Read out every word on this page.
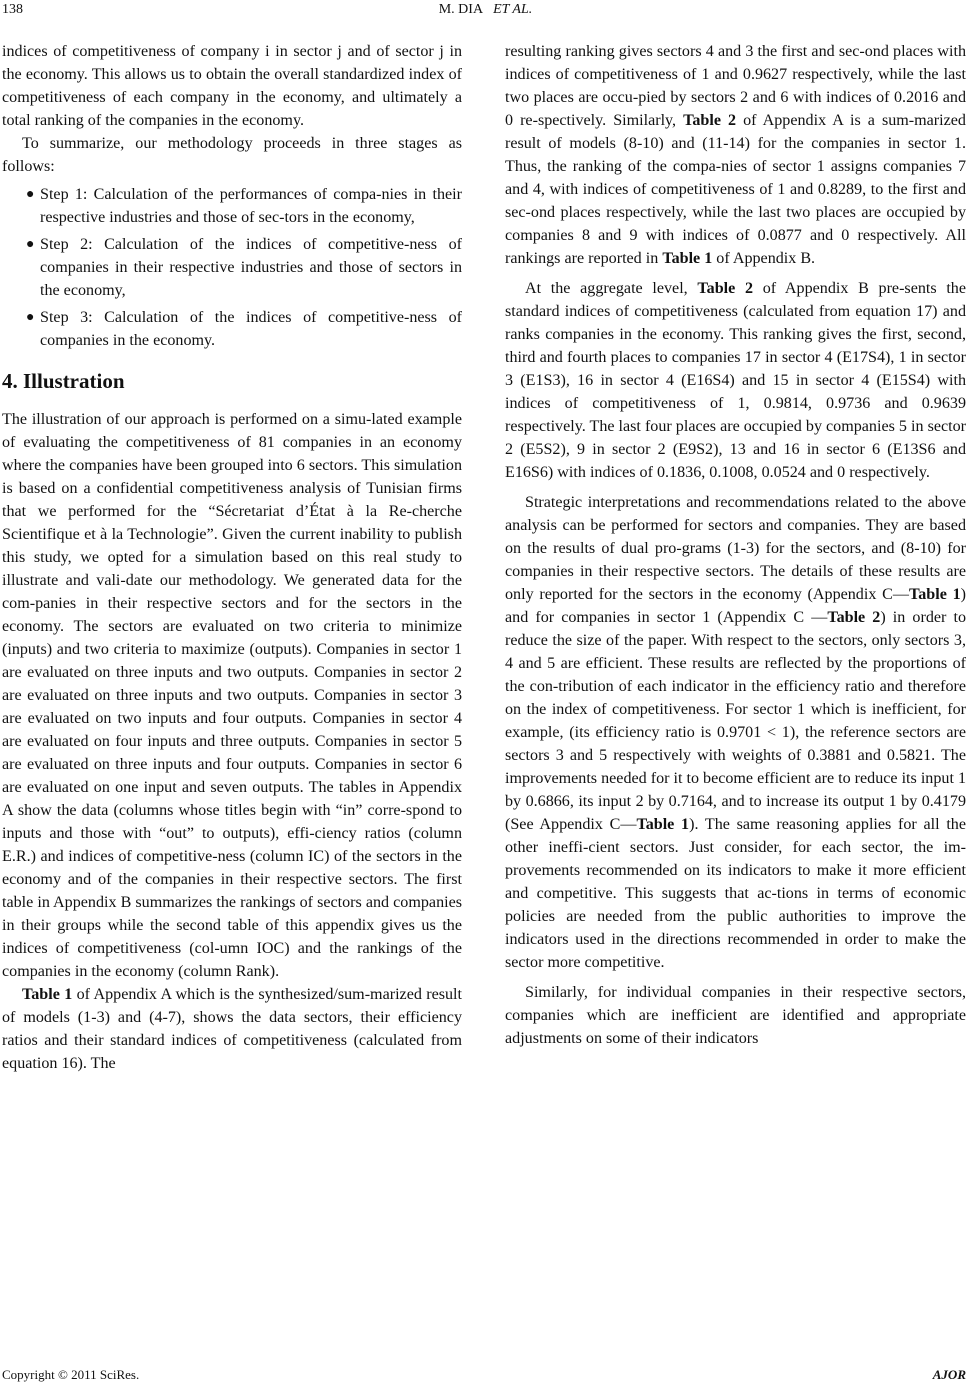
138	M. DIA ET AL.

indices of competitiveness of company i in sector j and of sector j in the economy. This allows us to obtain the overall standardized index of competitiveness of each company in the economy, and ultimately a total ranking of the companies in the economy.

To summarize, our methodology proceeds in three stages as follows:

● Step 1: Calculation of the performances of compa-nies in their respective industries and those of sec-tors in the economy,
● Step 2: Calculation of the indices of competitive-ness of companies in their respective industries and those of sectors in the economy,
● Step 3: Calculation of the indices of competitive-ness of companies in the economy.
4. Illustration

The illustration of our approach is performed on a simu-lated example of evaluating the competitiveness of 81 companies in an economy where the companies have been grouped into 6 sectors. This simulation is based on a confidential competitiveness analysis of Tunisian firms that we performed for the “Sécretariat d’État à la Re-cherche Scientifique et à la Technologie”. Given the current inability to publish this study, we opted for a simulation based on this real study to illustrate and vali-date our methodology. We generated data for the com-panies in their respective sectors and for the sectors in the economy. The sectors are evaluated on two criteria to minimize (inputs) and two criteria to maximize (outputs). Companies in sector 1 are evaluated on three inputs and two outputs. Companies in sector 2 are evaluated on three inputs and two outputs. Companies in sector 3 are evaluated on two inputs and four outputs. Companies in sector 4 are evaluated on four inputs and three outputs. Companies in sector 5 are evaluated on three inputs and four outputs. Companies in sector 6 are evaluated on one input and seven outputs. The tables in Appendix A show the data (columns whose titles begin with “in” corre-spond to inputs and those with “out” to outputs), effi-ciency ratios (column E.R.) and indices of competitive-ness (column IC) of the sectors in the economy and of the companies in their respective sectors. The first table in Appendix B summarizes the rankings of sectors and companies in their groups while the second table of this appendix gives us the indices of competitiveness (col-umn IOC) and the rankings of the companies in the economy (column Rank).

Table 1 of Appendix A which is the synthesized/sum-marized result of models (1-3) and (4-7), shows the data sectors, their efficiency ratios and their standard indices of competitiveness (calculated from equation 16). The

resulting ranking gives sectors 4 and 3 the first and sec-ond places with indices of competitiveness of 1 and 0.9627 respectively, while the last two places are occu-pied by sectors 2 and 6 with indices of 0.2016 and 0 re-spectively. Similarly, Table 2 of Appendix A is a sum-marized result of models (8-10) and (11-14) for the companies in sector 1. Thus, the ranking of the compa-nies of sector 1 assigns companies 7 and 4, with indices of competitiveness of 1 and 0.8289, to the first and sec-ond places respectively, while the last two places are occupied by companies 8 and 9 with indices of 0.0877 and 0 respectively. All rankings are reported in Table 1 of Appendix B.

At the aggregate level, Table 2 of Appendix B pre-sents the standard indices of competitiveness (calculated from equation 17) and ranks companies in the economy. This ranking gives the first, second, third and fourth places to companies 17 in sector 4 (E17S4), 1 in sector 3 (E1S3), 16 in sector 4 (E16S4) and 15 in sector 4 (E15S4) with indices of competitiveness of 1, 0.9814, 0.9736 and 0.9639 respectively. The last four places are occupied by companies 5 in sector 2 (E5S2), 9 in sector 2 (E9S2), 13 and 16 in sector 6 (E13S6 and E16S6) with indices of 0.1836, 0.1008, 0.0524 and 0 respectively.

Strategic interpretations and recommendations related to the above analysis can be performed for sectors and companies. They are based on the results of dual pro-grams (1-3) for the sectors, and (8-10) for companies in their respective sectors. The details of these results are only reported for the sectors in the economy (Appendix C—Table 1) and for companies in sector 1 (Appendix C —Table 2) in order to reduce the size of the paper. With respect to the sectors, only sectors 3, 4 and 5 are efficient. These results are reflected by the proportions of the con-tribution of each indicator in the efficiency ratio and therefore on the index of competitiveness. For sector 1 which is inefficient, for example, (its efficiency ratio is 0.9701 < 1), the reference sectors are sectors 3 and 5 respectively with weights of 0.3881 and 0.5821. The improvements needed for it to become efficient are to reduce its input 1 by 0.6866, its input 2 by 0.7164, and to increase its output 1 by 0.4179 (See Appendix C—Table 1). The same reasoning applies for all the other ineffi-cient sectors. Just consider, for each sector, the im-provements recommended on its indicators to make it more efficient and competitive. This suggests that ac-tions in terms of economic policies are needed from the public authorities to improve the indicators used in the directions recommended in order to make the sector more competitive.

Similarly, for individual companies in their respective sectors, companies which are inefficient are identified and appropriate adjustments on some of their indicators

Copyright © 2011 SciRes.	AJOR
